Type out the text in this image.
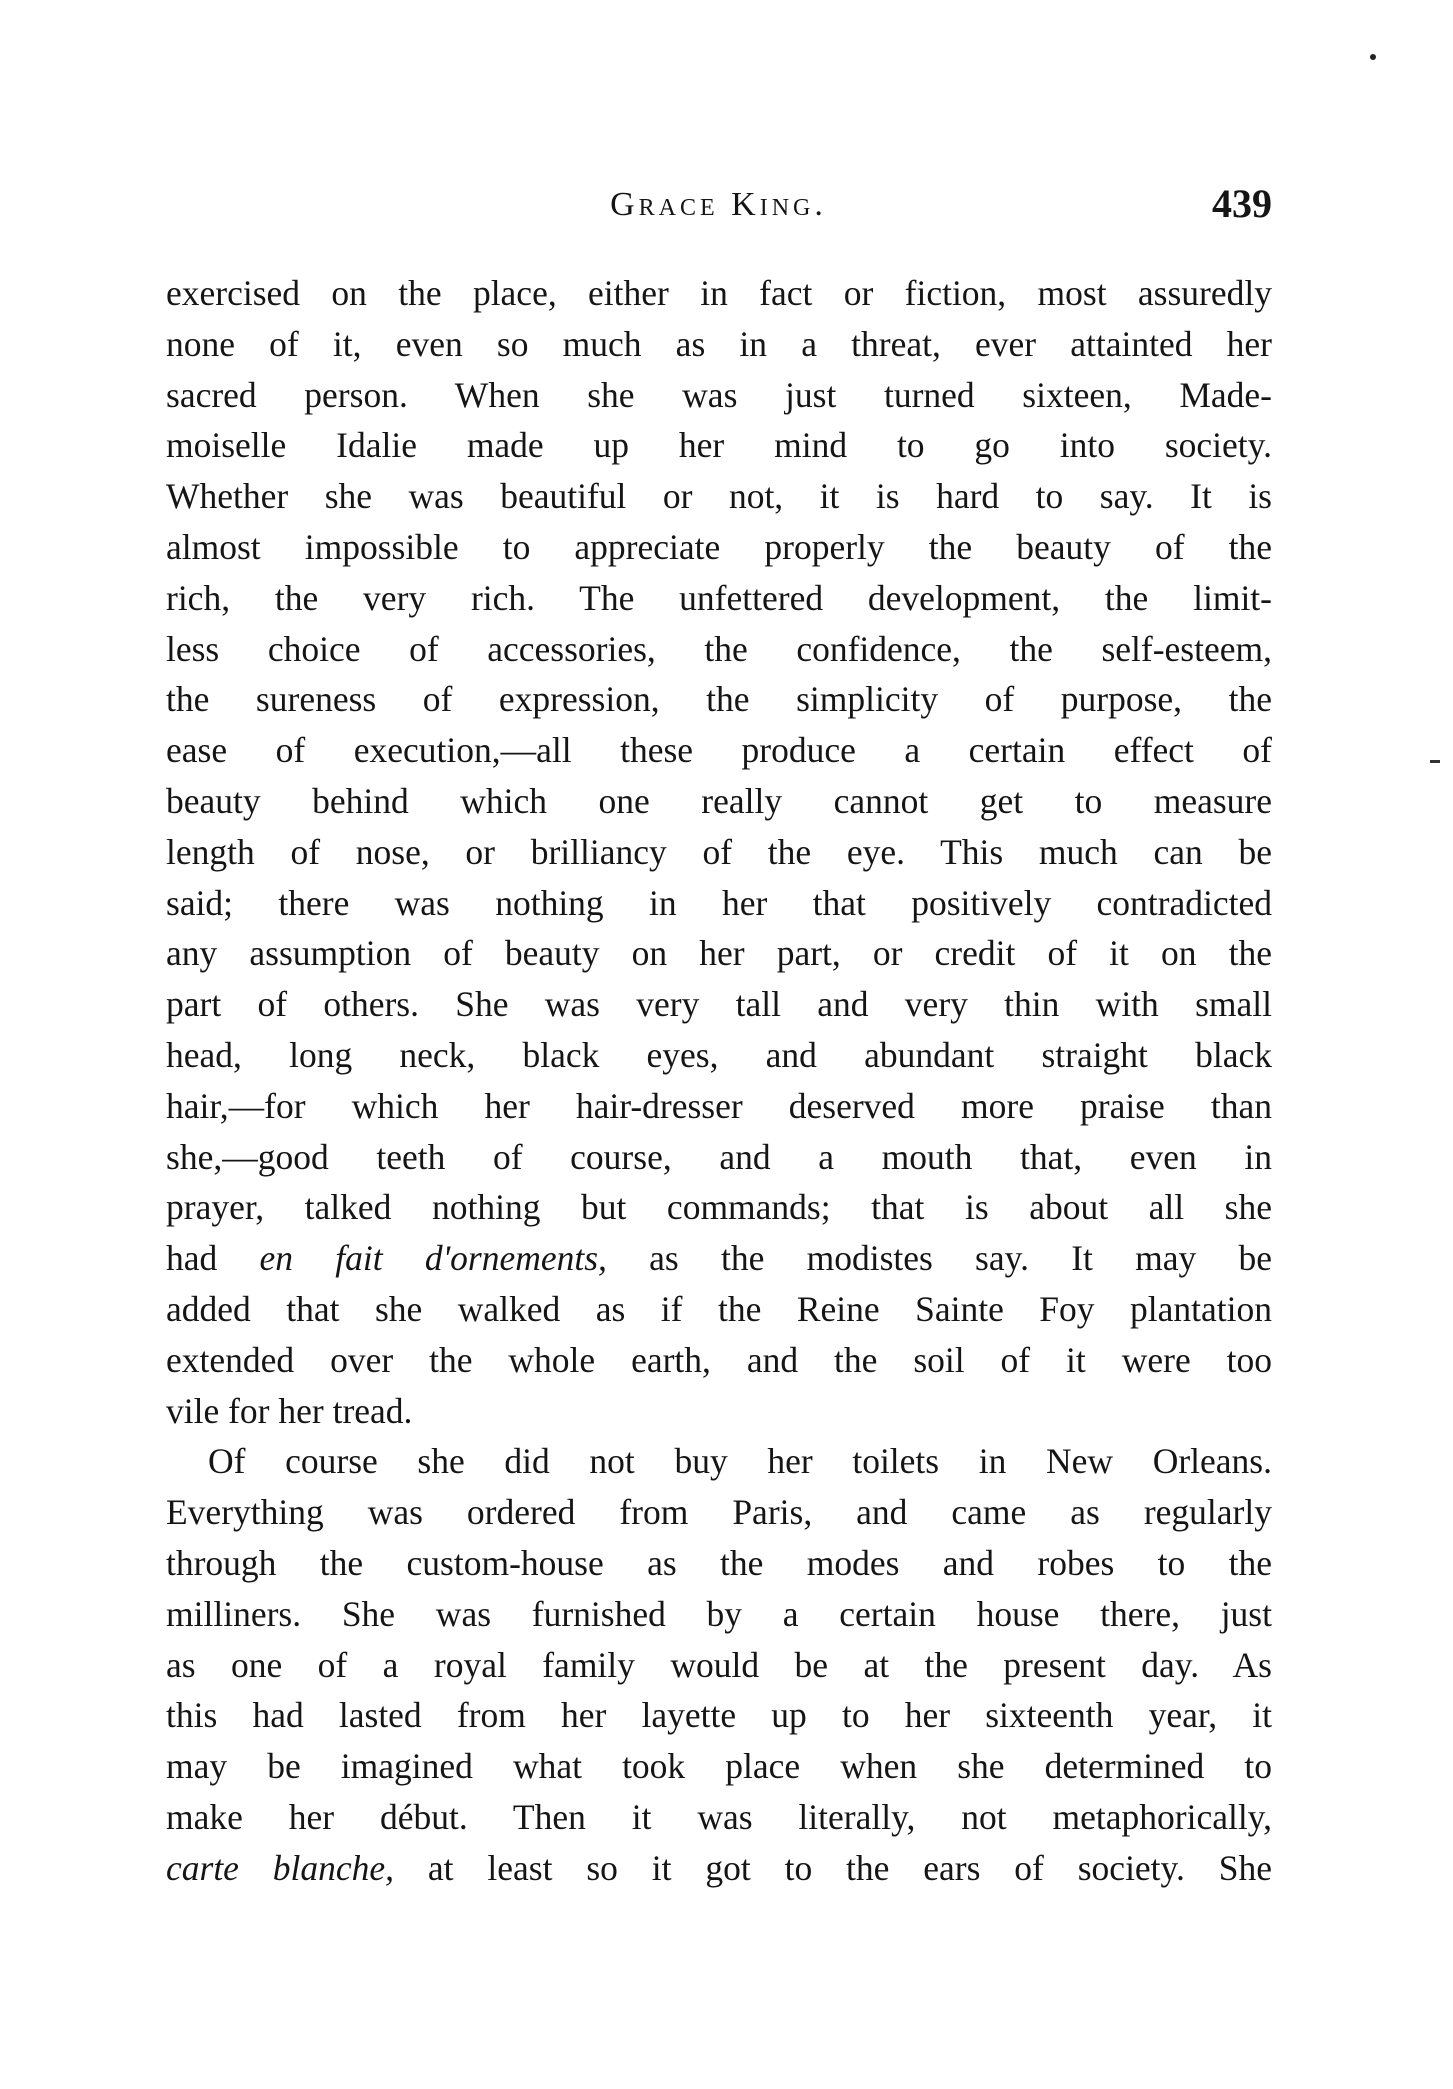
Grace King.	439
exercised on the place, either in fact or fiction, most assuredly
none of it, even so much as in a threat, ever attainted her
sacred person. When she was just turned sixteen, Made-
moiselle Idalie made up her mind to go into society.
Whether she was beautiful or not, it is hard to say. It is
almost impossible to appreciate properly the beauty of the
rich, the very rich. The unfettered development, the limit-
less choice of accessories, the confidence, the self-esteem,
the sureness of expression, the simplicity of purpose, the
ease of execution,—all these produce a certain effect of
beauty behind which one really cannot get to measure
length of nose, or brilliancy of the eye. This much can be
said; there was nothing in her that positively contradicted
any assumption of beauty on her part, or credit of it on the
part of others. She was very tall and very thin with small
head, long neck, black eyes, and abundant straight black
hair,—for which her hair-dresser deserved more praise than
she,—good teeth of course, and a mouth that, even in
prayer, talked nothing but commands; that is about all she
had en fait d'ornements, as the modistes say. It may be
added that she walked as if the Reine Sainte Foy plantation
extended over the whole earth, and the soil of it were too
vile for her tread.
Of course she did not buy her toilets in New Orleans.
Everything was ordered from Paris, and came as regularly
through the custom-house as the modes and robes to the
milliners. She was furnished by a certain house there, just
as one of a royal family would be at the present day. As
this had lasted from her layette up to her sixteenth year, it
may be imagined what took place when she determined to
make her début. Then it was literally, not metaphorically,
carte blanche, at least so it got to the ears of society. She
